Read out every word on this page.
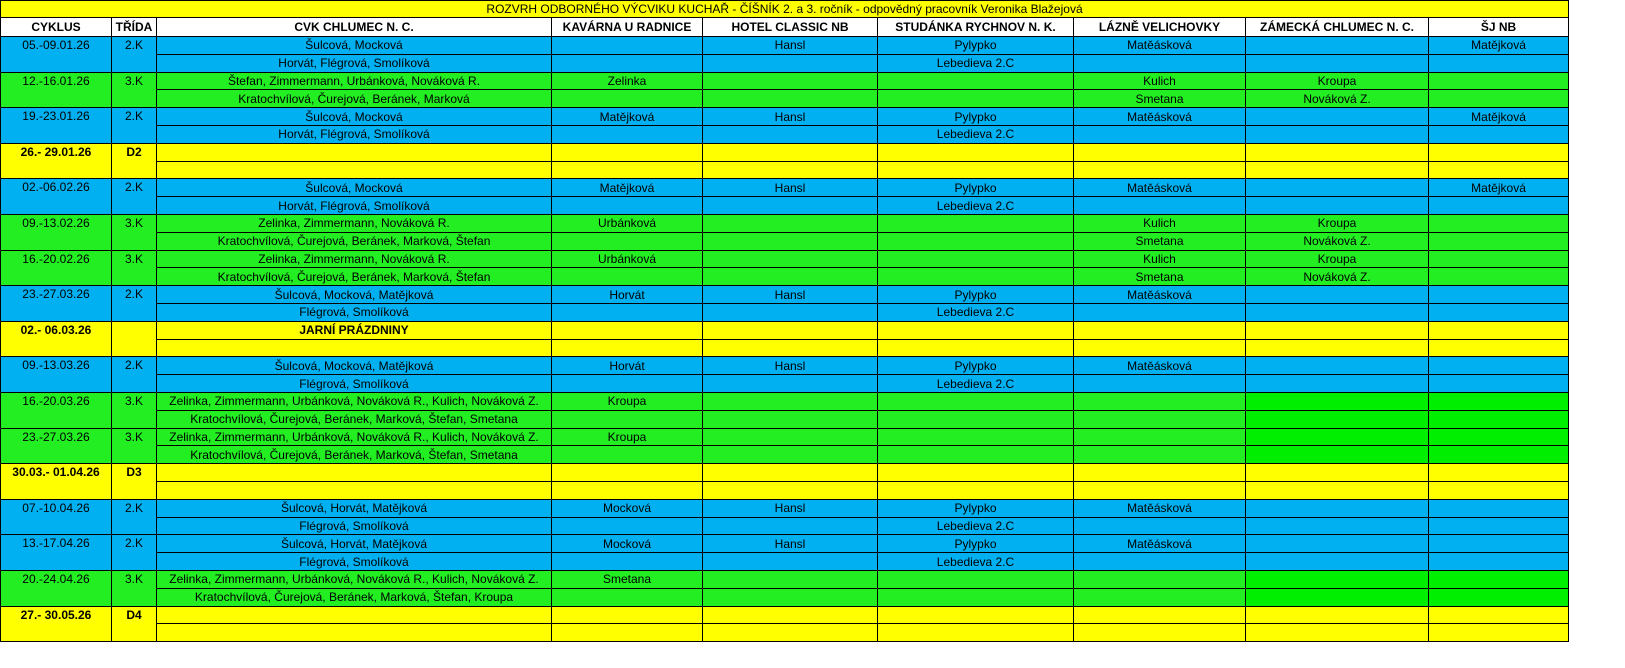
ROZVRH ODBORNÉHO VÝCVIKU KUCHAŘ - ČÍŠNÍK 2. a 3. ročník - odpovědný pracovník Veronika Blažejová								
CYKLUS	TŘÍDA	CVK CHLUMEC N. C.	KAVÁRNA U RADNICE	HOTEL CLASSIC NB	STUDÁNKA RYCHNOV N. K.	LÁZNĚ VELICHOVKY	ZÁMECKÁ CHLUMEC N. C.	ŠJ NB
05.-09.01.26	2.K	Šulcová, Mocková		Hansl	Pylypko	Matěásková		Matějková
		Horvát, Flégrová, Smolíková			Lebedieva 2.C			
12.-16.01.26	3.K	Štefan, Zimmermann, Urbánková, Nováková R.	Zelinka			Kulich	Kroupa	
		Kratochvílová, Čurejová, Beránek, Marková				Smetana	Nováková Z.	
19.-23.01.26	2.K	Šulcová, Mocková	Matějková	Hansl	Pylypko	Matěásková		Matějková
		Horvát, Flégrová, Smolíková			Lebedieva 2.C			
26.- 29.01.26	D2							

02.-06.02.26	2.K	Šulcová, Mocková	Matějková	Hansl	Pylypko	Matěásková		Matějková
		Horvát, Flégrová, Smolíková			Lebedieva 2.C			
09.-13.02.26	3.K	Zelinka, Zimmermann, Nováková R.	Urbánková			Kulich	Kroupa	
		Kratochvílová, Čurejová, Beránek, Marková, Štefan				Smetana	Nováková Z.	
16.-20.02.26	3.K	Zelinka, Zimmermann, Nováková R.	Urbánková			Kulich	Kroupa	
		Kratochvílová, Čurejová, Beránek, Marková, Štefan				Smetana	Nováková Z.	
23.-27.03.26	2.K	Šulcová, Mocková, Matějková	Horvát	Hansl	Pylypko	Matěásková		
		Flégrová, Smolíková			Lebedieva 2.C			
02.- 06.03.26		JARNÍ PRÁZDNINY						

09.-13.03.26	2.K	Šulcová, Mocková, Matějková	Horvát	Hansl	Pylypko	Matěásková		
		Flégrová, Smolíková			Lebedieva 2.C			
16.-20.03.26	3.K	Zelinka, Zimmermann, Urbánková, Nováková R., Kulich, Nováková Z.	Kroupa					
		Kratochvílová, Čurejová, Beránek, Marková, Štefan, Smetana						
23.-27.03.26	3.K	Zelinka, Zimmermann, Urbánková, Nováková R., Kulich, Nováková Z.	Kroupa					
		Kratochvílová, Čurejová, Beránek, Marková, Štefan, Smetana						
30.03.- 01.04.26	D3							

07.-10.04.26	2.K	Šulcová, Horvát, Matějková	Mocková	Hansl	Pylypko	Matěásková		
		Flégrová, Smolíková			Lebedieva 2.C			
13.-17.04.26	2.K	Šulcová, Horvát, Matějková	Mocková	Hansl	Pylypko	Matěásková		
		Flégrová, Smolíková			Lebedieva 2.C			
20.-24.04.26	3.K	Zelinka, Zimmermann, Urbánková, Nováková R., Kulich, Nováková Z.	Smetana					
		Kratochvílová, Čurejová, Beránek, Marková, Štefan, Kroupa						
27.- 30.05.26	D4							
